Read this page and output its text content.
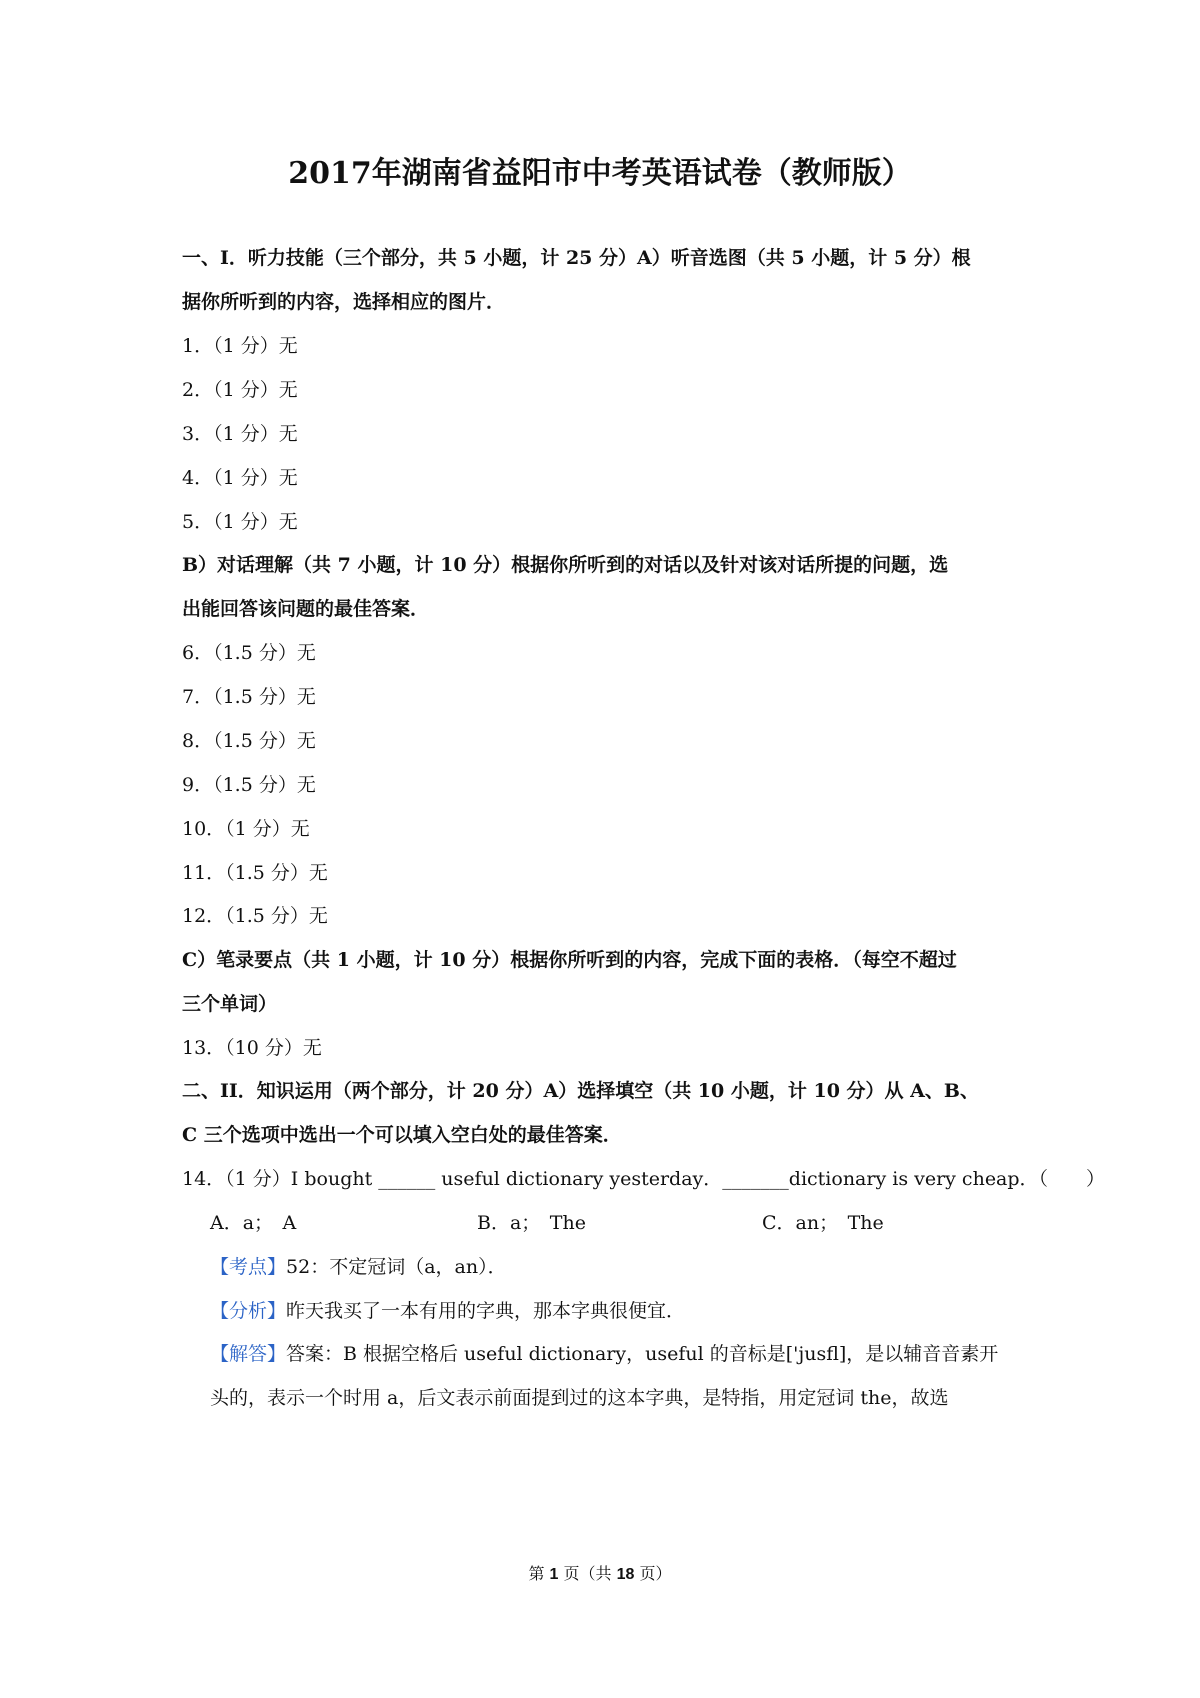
2017年湖南省益阳市中考英语试卷（教师版）
一、I．听力技能（三个部分，共 5 小题，计 25 分）A）听音选图（共 5 小题，计 5 分）根
据你所听到的内容，选择相应的图片．
1．（1 分）无
2．（1 分）无
3．（1 分）无
4．（1 分）无
5．（1 分）无
B）对话理解（共 7 小题，计 10 分）根据你所听到的对话以及针对该对话所提的问题，选
出能回答该问题的最佳答案．
6．（1.5 分）无
7．（1.5 分）无
8．（1.5 分）无
9．（1.5 分）无
10．（1 分）无
11．（1.5 分）无
12．（1.5 分）无
C）笔录要点（共 1 小题，计 10 分）根据你所听到的内容，完成下面的表格．（每空不超过
三个单词）
13．（10 分）无
二、II．知识运用（两个部分，计 20 分）A）选择填空（共 10 小题，计 10 分）从 A、B、
C 三个选项中选出一个可以填入空白处的最佳答案．
14．（1 分）I bought ______ useful dictionary yesterday．_______dictionary is very cheap．（　　）
A．a；　A	B．a；　The	C．an；　The
【考点】52：不定冠词（a，an）．
【分析】昨天我买了一本有用的字典，那本字典很便宜．
【解答】答案：B 根据空格后 useful dictionary，useful 的音标是['jusfl]，是以辅音音素开
头的，表示一个时用 a，后文表示前面提到过的这本字典，是特指，用定冠词 the，故选
第 1 页（共 18 页）
